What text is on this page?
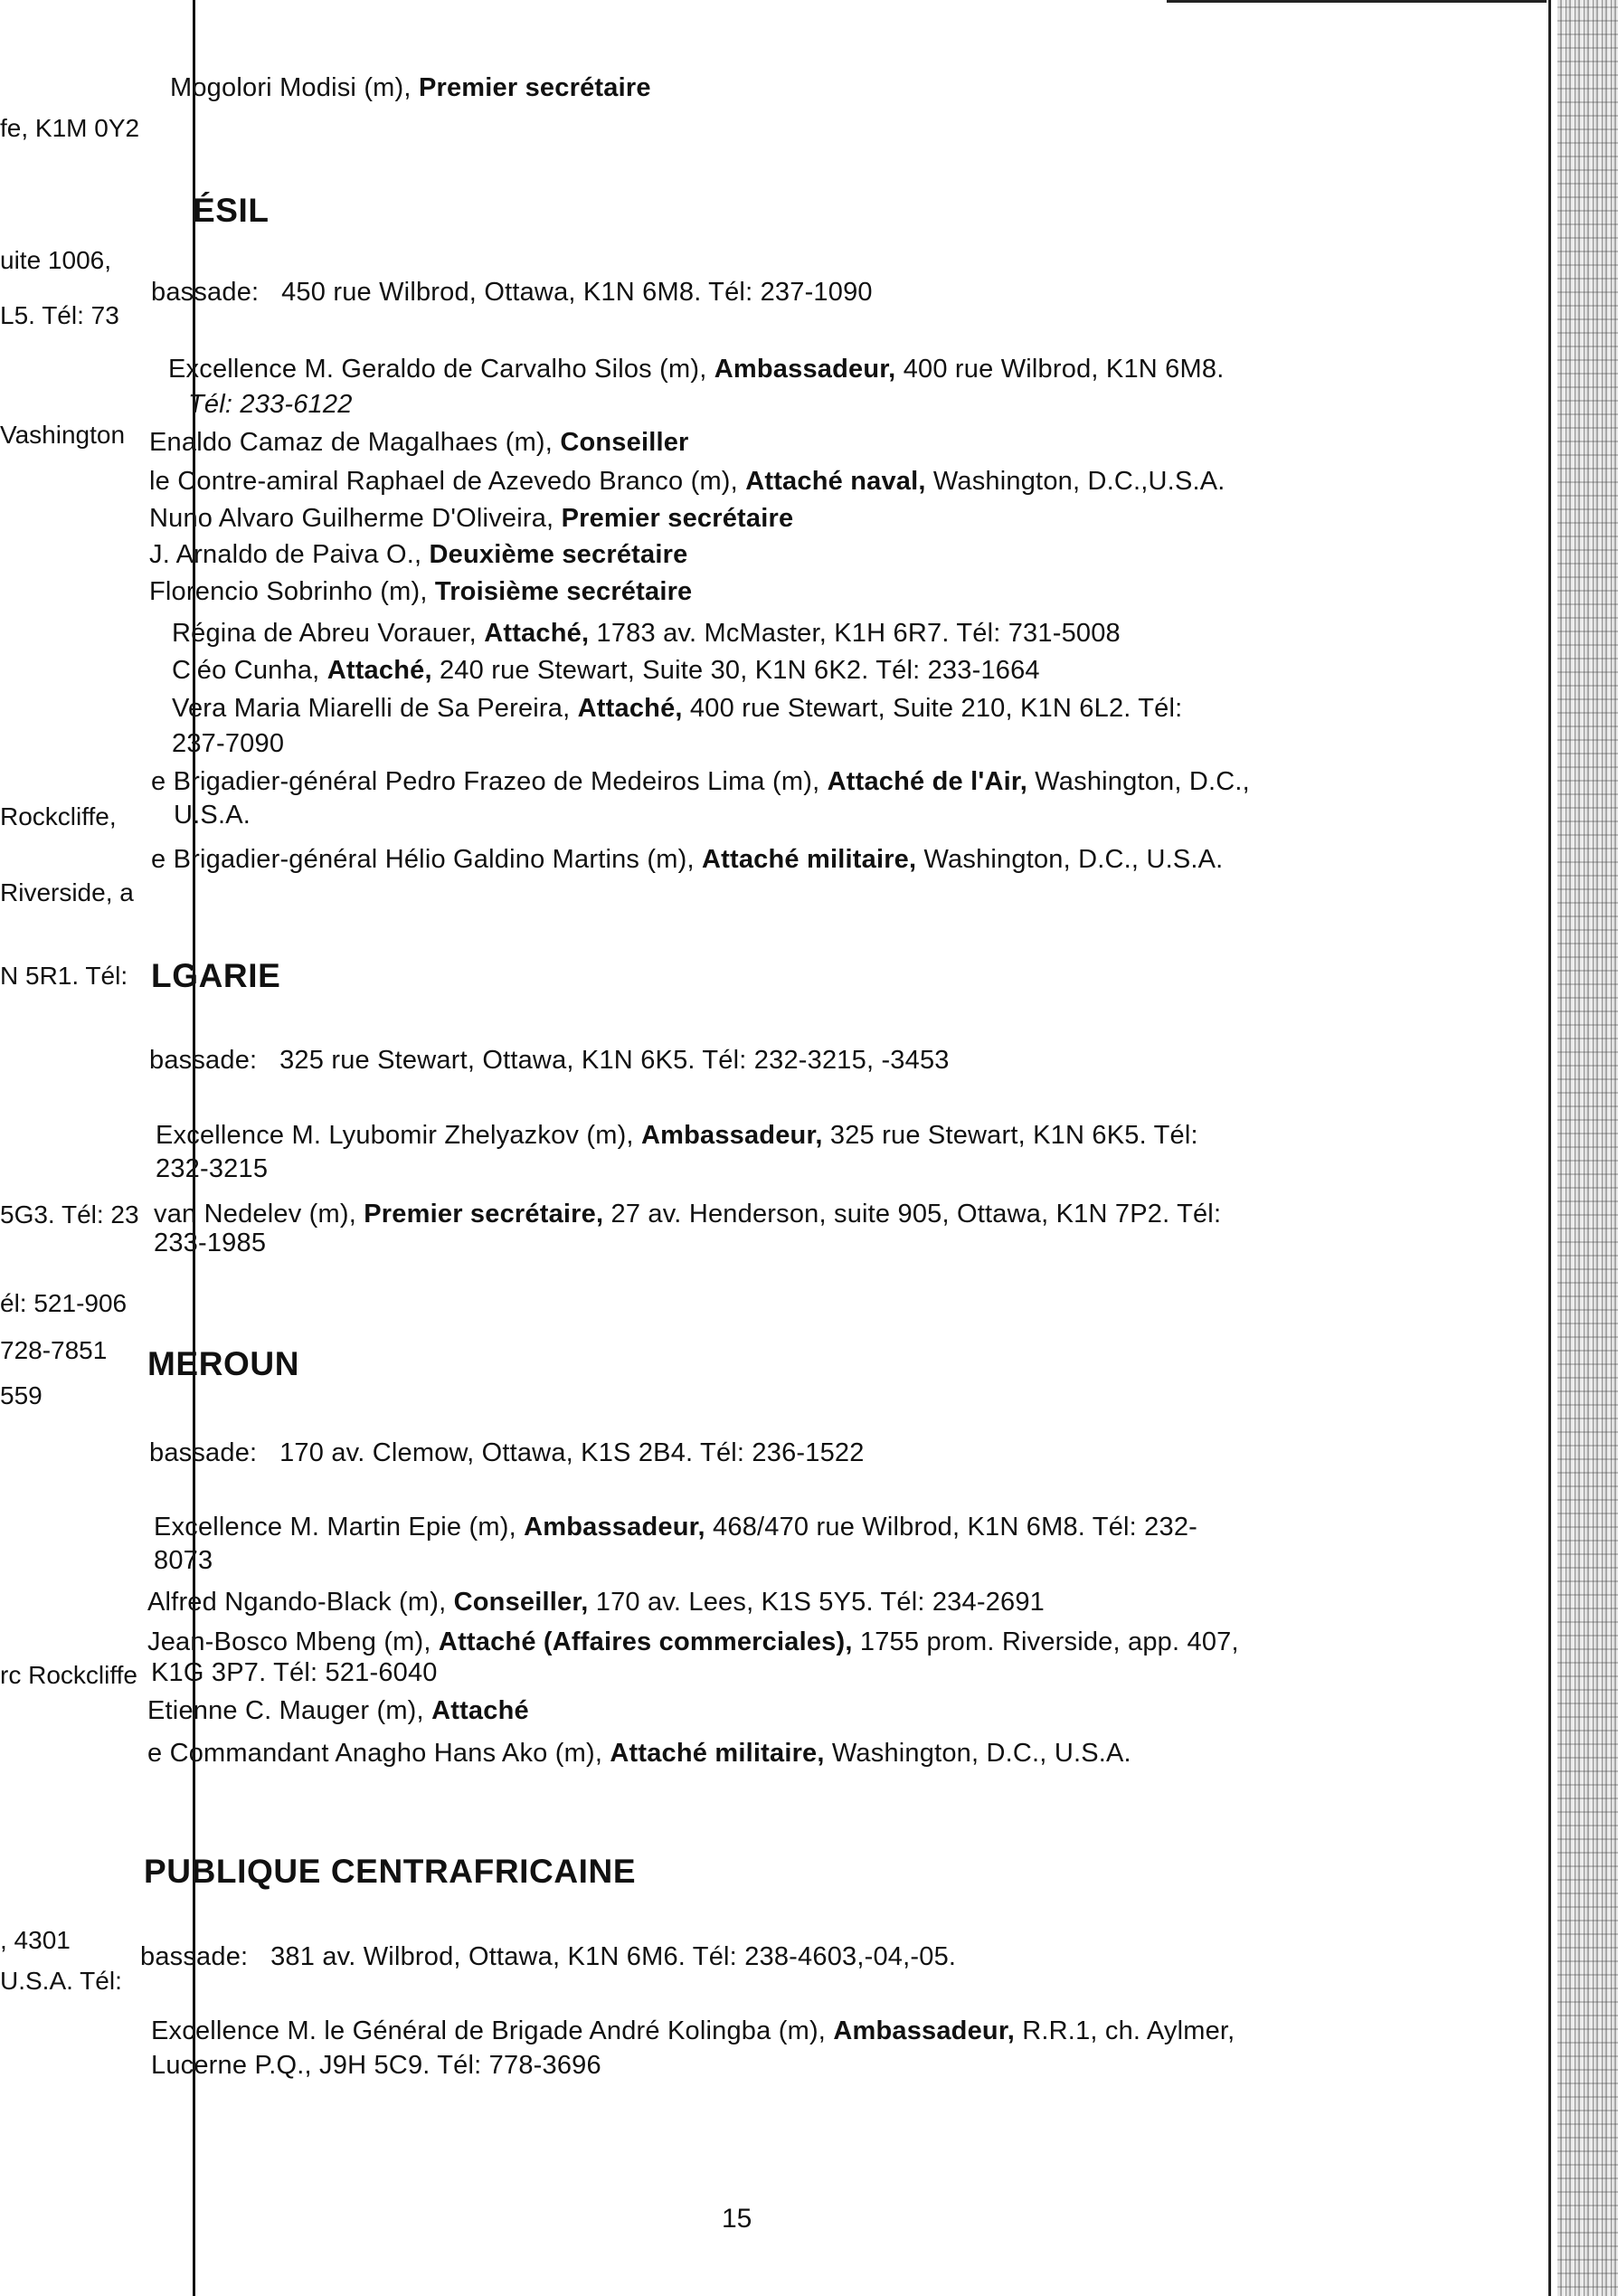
fe, K1M 0Y2
uite 1006,
L5. Tél: 73
Vashington
Rockcliffe,
Riverside, a
N 5R1. Tél:
5G3. Tél: 23
él: 521-906
728-7851
559
rc Rockcliffe
, 4301
U.S.A. Tél:
Mogolori Modisi (m), Premier secrétaire
ÉSIL
bassade: 450 rue Wilbrod, Ottawa, K1N 6M8. Tél: 237-1090
Excellence M. Geraldo de Carvalho Silos (m), Ambassadeur, 400 rue Wilbrod, K1N 6M8.
Tél: 233-6122
Enaldo Camaz de Magalhaes (m), Conseiller
le Contre-amiral Raphael de Azevedo Branco (m), Attaché naval, Washington, D.C.,U.S.A.
Nuno Alvaro Guilherme D'Oliveira, Premier secrétaire
J. Arnaldo de Paiva O., Deuxième secrétaire
Florencio Sobrinho (m), Troisième secrétaire
Régina de Abreu Vorauer, Attaché, 1783 av. McMaster, K1H 6R7. Tél: 731-5008
Cléo Cunha, Attaché, 240 rue Stewart, Suite 30, K1N 6K2. Tél: 233-1664
Vera Maria Miarelli de Sa Pereira, Attaché, 400 rue Stewart, Suite 210, K1N 6L2. Tél:
237-7090
e Brigadier-général Pedro Frazeo de Medeiros Lima (m), Attaché de l'Air, Washington, D.C.,
U.S.A.
e Brigadier-général Hélio Galdino Martins (m), Attaché militaire, Washington, D.C., U.S.A.
LGARIE
bassade: 325 rue Stewart, Ottawa, K1N 6K5. Tél: 232-3215, -3453
Excellence M. Lyubomir Zhelyazkov (m), Ambassadeur, 325 rue Stewart, K1N 6K5. Tél:
232-3215
van Nedelev (m), Premier secrétaire, 27 av. Henderson, suite 905, Ottawa, K1N 7P2. Tél:
233-1985
MEROUN
bassade: 170 av. Clemow, Ottawa, K1S 2B4. Tél: 236-1522
Excellence M. Martin Epie (m), Ambassadeur, 468/470 rue Wilbrod, K1N 6M8. Tél: 232-
8073
Alfred Ngando-Black (m), Conseiller, 170 av. Lees, K1S 5Y5. Tél: 234-2691
Jean-Bosco Mbeng (m), Attaché (Affaires commerciales), 1755 prom. Riverside, app. 407,
K1G 3P7. Tél: 521-6040
Etienne C. Mauger (m), Attaché
e Commandant Anagho Hans Ako (m), Attaché militaire, Washington, D.C., U.S.A.
PUBLIQUE CENTRAFRICAINE
bassade: 381 av. Wilbrod, Ottawa, K1N 6M6. Tél: 238-4603,-04,-05.
Excellence M. le Général de Brigade André Kolingba (m), Ambassadeur, R.R.1, ch. Aylmer,
Lucerne P.Q., J9H 5C9. Tél: 778-3696
15
